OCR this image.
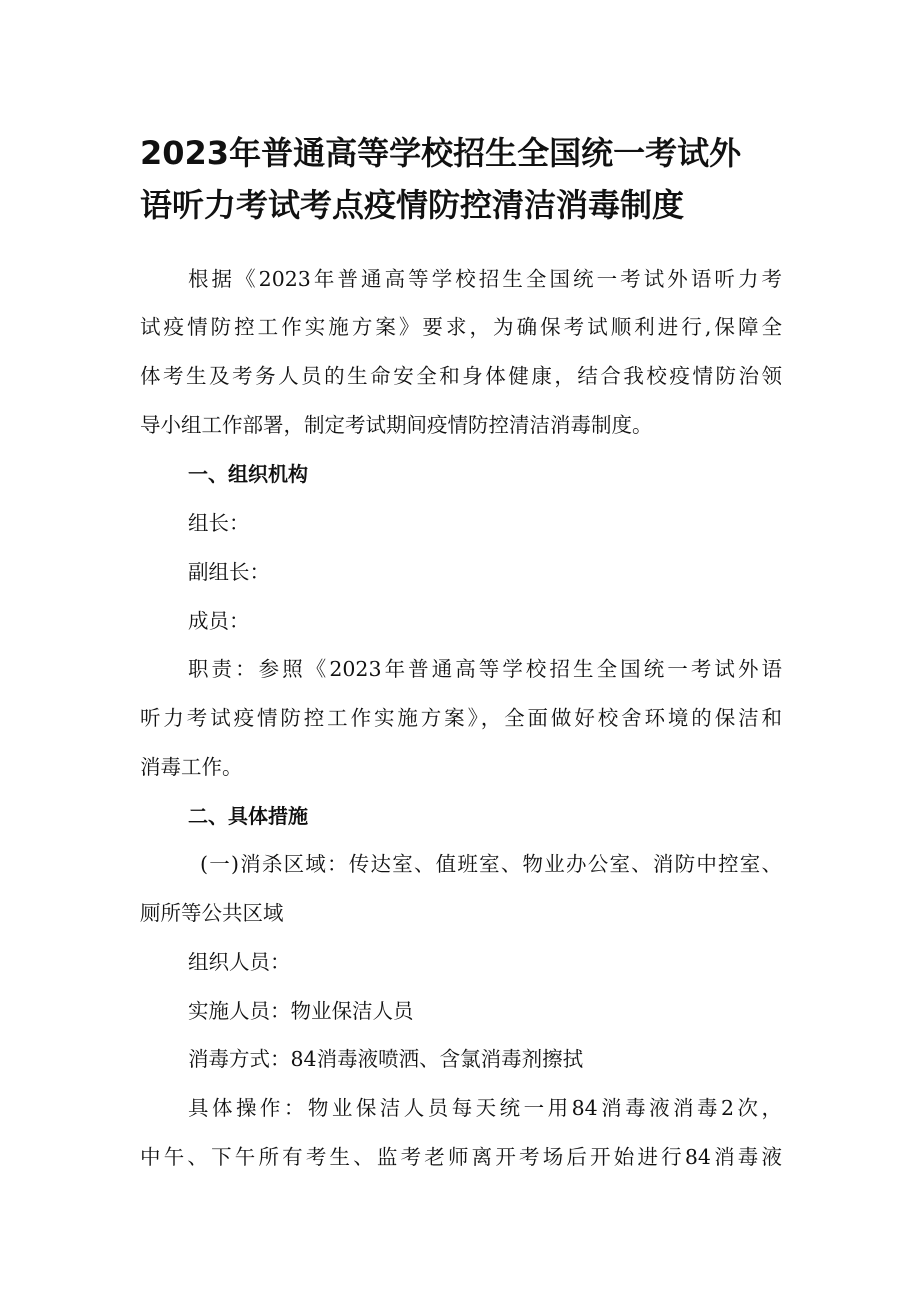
2023年普通高等学校招生全国统一考试外
语听力考试考点疫情防控清洁消毒制度
根据《2023年普通高等学校招生全国统一考试外语听力考
试疫情防控工作实施方案》要求，为确保考试顺利进行,保障全
体考生及考务人员的生命安全和身体健康，结合我校疫情防治领
导小组工作部署，制定考试期间疫情防控清洁消毒制度。
一、组织机构
组长：
副组长：
成员：
职责：参照《2023年普通高等学校招生全国统一考试外语
听力考试疫情防控工作实施方案》，全面做好校舍环境的保洁和
消毒工作。
二、具体措施
(一)消杀区域：传达室、值班室、物业办公室、消防中控室、
厕所等公共区域
组织人员：
实施人员：物业保洁人员
消毒方式：84消毒液喷洒、含氯消毒剂擦拭
具体操作：物业保洁人员每天统一用84消毒液消毒2次，
中午、下午所有考生、监考老师离开考场后开始进行84消毒液
